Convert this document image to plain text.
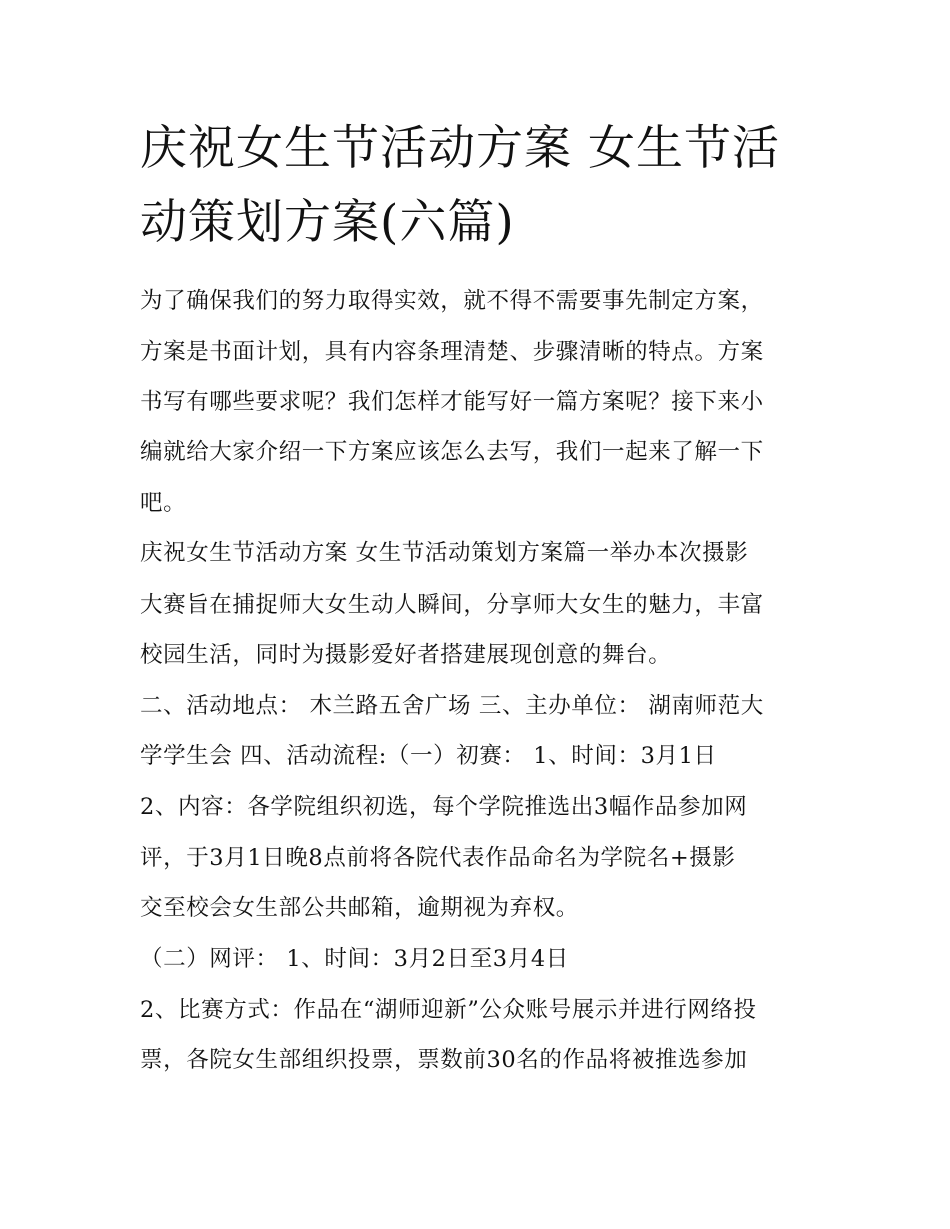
庆祝女生节活动方案 女生节活
动策划方案(六篇)

为了确保我们的努力取得实效，就不得不需要事先制定方案，

方案是书面计划，具有内容条理清楚、步骤清晰的特点。方案

书写有哪些要求呢？我们怎样才能写好一篇方案呢？接下来小

编就给大家介绍一下方案应该怎么去写，我们一起来了解一下

吧。

庆祝女生节活动方案 女生节活动策划方案篇一举办本次摄影

大赛旨在捕捉师大女生动人瞬间，分享师大女生的魅力，丰富

校园生活，同时为摄影爱好者搭建展现创意的舞台。

二、活动地点： 木兰路五舍广场 三、主办单位： 湖南师范大

学学生会 四、活动流程:（一）初赛： 1、时间：3月1日

2、内容：各学院组织初选，每个学院推选出3幅作品参加网

评，于3月1日晚8点前将各院代表作品命名为学院名+摄影

交至校会女生部公共邮箱，逾期视为弃权。

（二）网评： 1、时间：3月2日至3月4日

2、比赛方式：作品在“湖师迎新”公众账号展示并进行网络投

票，各院女生部组织投票，票数前30名的作品将被推选参加
